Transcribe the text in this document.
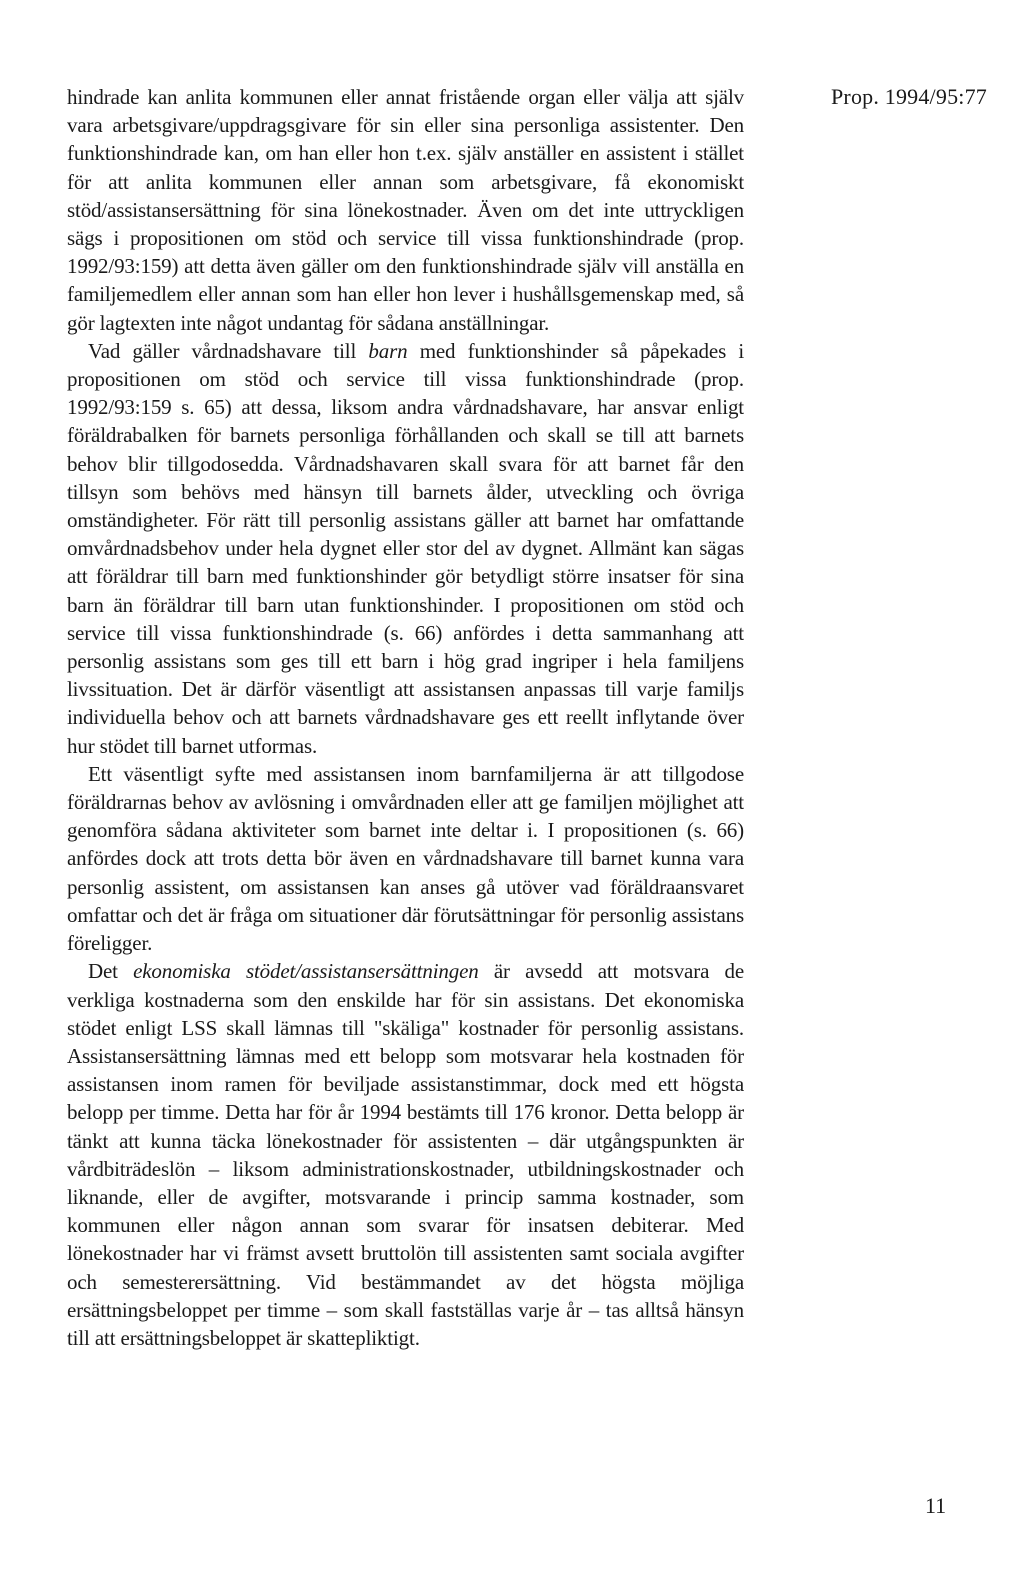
Prop. 1994/95:77

hindrade kan anlita kommunen eller annat fristående organ eller välja att själv vara arbetsgivare/uppdragsgivare för sin eller sina personliga assistenter. Den funktionshindrade kan, om han eller hon t.ex. själv anställer en assistent i stället för att anlita kommunen eller annan som arbetsgivare, få ekonomiskt stöd/assistansersättning för sina lönekostnader. Även om det inte uttryckligen sägs i propositionen om stöd och service till vissa funktionshindrade (prop. 1992/93:159) att detta även gäller om den funktionshindrade själv vill anställa en familjemedlem eller annan som han eller hon lever i hushållsgemenskap med, så gör lagtexten inte något undantag för sådana anställningar.

Vad gäller vårdnadshavare till barn med funktionshinder så påpekades i propositionen om stöd och service till vissa funktionshindrade (prop. 1992/93:159 s. 65) att dessa, liksom andra vårdnadshavare, har ansvar enligt föräldrabalken för barnets personliga förhållanden och skall se till att barnets behov blir tillgodosedda. Vårdnadshavaren skall svara för att barnet får den tillsyn som behövs med hänsyn till barnets ålder, utveckling och övriga omständigheter. För rätt till personlig assistans gäller att barnet har omfattande omvårdnadsbehov under hela dygnet eller stor del av dygnet. Allmänt kan sägas att föräldrar till barn med funktionshinder gör betydligt större insatser för sina barn än föräldrar till barn utan funktionshinder. I propositionen om stöd och service till vissa funktionshindrade (s. 66) anfördes i detta sammanhang att personlig assistans som ges till ett barn i hög grad ingriper i hela familjens livssituation. Det är därför väsentligt att assistansen anpassas till varje familjs individuella behov och att barnets vårdnadshavare ges ett reellt inflytande över hur stödet till barnet utformas.

Ett väsentligt syfte med assistansen inom barnfamiljerna är att tillgodose föräldrarnas behov av avlösning i omvårdnaden eller att ge familjen möjlighet att genomföra sådana aktiviteter som barnet inte deltar i. I propositionen (s. 66) anfördes dock att trots detta bör även en vårdnadshavare till barnet kunna vara personlig assistent, om assistansen kan anses gå utöver vad föräldraansvaret omfattar och det är fråga om situationer där förutsättningar för personlig assistans föreligger.

Det ekonomiska stödet/assistansersättningen är avsedd att motsvara de verkliga kostnaderna som den enskilde har för sin assistans. Det ekonomiska stödet enligt LSS skall lämnas till "skäliga" kostnader för personlig assistans. Assistansersättning lämnas med ett belopp som motsvarar hela kostnaden för assistansen inom ramen för beviljade assistanstimmar, dock med ett högsta belopp per timme. Detta har för år 1994 bestämts till 176 kronor. Detta belopp är tänkt att kunna täcka lönekostnader för assistenten – där utgångspunkten är vårdbiträdeslön – liksom administrationskostnader, utbildningskostnader och liknande, eller de avgifter, motsvarande i princip samma kostnader, som kommunen eller någon annan som svarar för insatsen debiterar. Med lönekostnader har vi främst avsett bruttolön till assistenten samt sociala avgifter och semesterersättning. Vid bestämmandet av det högsta möjliga ersättningsbeloppet per timme – som skall fastställas varje år – tas alltså hänsyn till att ersättningsbeloppet är skattepliktigt.

11
